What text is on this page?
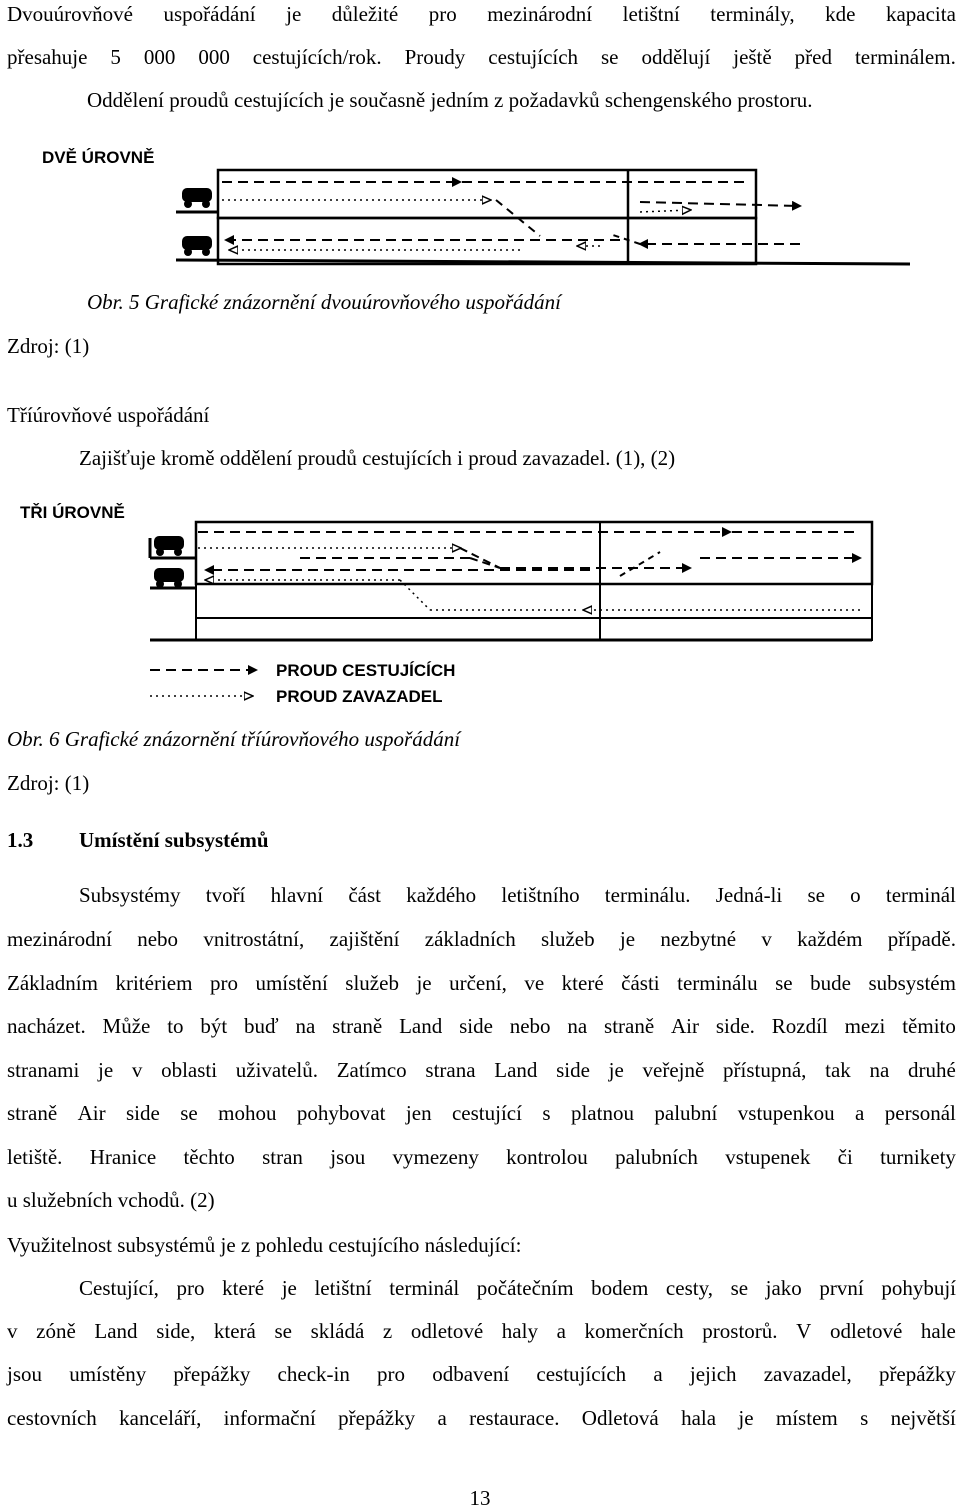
Dvouúrovňové uspořádání je důležité pro mezinárodní letištní terminály, kde kapacita
přesahuje 5 000 000 cestujících/rok. Proudy cestujících se oddělují ještě před terminálem.
Oddělení proudů cestujících je současně jedním z požadavků schengenského prostoru.
DVĚ ÚROVNĚ
Obr. 5 Grafické znázornění dvouúrovňového uspořádání
Zdroj: (1)
Tříúrovňové uspořádání
Zajišťuje kromě oddělení proudů cestujících i proud zavazadel. (1), (2)
TŘI ÚROVNĚ
PROUD CESTUJÍCÍCH
PROUD ZAVAZADEL
Obr. 6 Grafické znázornění tříúrovňového uspořádání
Zdroj: (1)
1.3 Umístění subsystémů
Subsystémy tvoří hlavní část každého letištního terminálu. Jedná-li se o terminál
mezinárodní nebo vnitrostátní, zajištění základních služeb je nezbytné v každém případě.
Základním kritériem pro umístění služeb je určení, ve které části terminálu se bude subsystém
nacházet. Může to být buď na straně Land side nebo na straně Air side. Rozdíl mezi těmito
stranami je v oblasti uživatelů. Zatímco strana Land side je veřejně přístupná, tak na druhé
straně Air side se mohou pohybovat jen cestující s platnou palubní vstupenkou a personál
letiště. Hranice těchto stran jsou vymezeny kontrolou palubních vstupenek či turnikety
u služebních vchodů. (2)
Využitelnost subsystémů je z pohledu cestujícího následující:
Cestující, pro které je letištní terminál počátečním bodem cesty, se jako první pohybují
v zóně Land side, která se skládá z odletové haly a komerčních prostorů. V odletové hale
jsou umístěny přepážky check-in pro odbavení cestujících a jejich zavazadel, přepážky
cestovních kanceláří, informační přepážky a restaurace. Odletová hala je místem s největší
13
